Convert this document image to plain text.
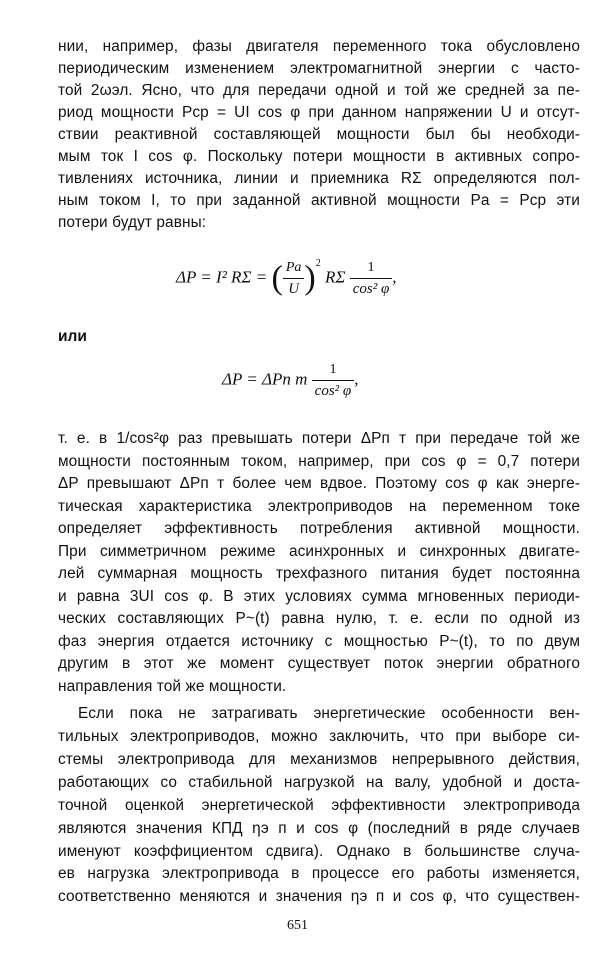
нии, например, фазы двигателя переменного тока обусловлено
периодическим изменением электромагнитной энергии с часто-
той 2ωэл. Ясно, что для передачи одной и той же средней за пе-
риод мощности Pср = UI cos φ при данном напряжении U и отсут-
ствии реактивной составляющей мощности был бы необходи-
мым ток I cos φ. Поскольку потери мощности в активных сопро-
тивлениях источника, линии и приемника RΣ определяются пол-
ным током I, то при заданной активной мощности Pa = Pср эти
потери будут равны:
ΔP = I² RΣ = ( $\frac{Pa}{U} )^2$ RΣ $\frac{1}{\text{cos² φ}}$ ,
или
ΔP = ΔPп т $\frac{1}{\text{cos² φ}}$ ,
т. е. в 1/cos²φ раз превышать потери ΔPп т при передаче той же
мощности постоянным током, например, при cos φ = 0,7 потери
ΔP превышают ΔPп т более чем вдвое. Поэтому cos φ как энерге-
тическая характеристика электроприводов на переменном токе
определяет эффективность потребления активной мощности.
При симметричном режиме асинхронных и синхронных двигате-
лей суммарная мощность трехфазного питания будет постоянна
и равна 3UI cos φ. В этих условиях сумма мгновенных периоди-
ческих составляющих P~(t) равна нулю, т. е. если по одной из
фаз энергия отдается источнику с мощностью P~(t), то по двум
другим в этот же момент существует поток энергии обратного
направления той же мощности.
Если пока не затрагивать энергетические особенности вен-
тильных электроприводов, можно заключить, что при выборе си-
стемы электропривода для механизмов непрерывного действия,
работающих со стабильной нагрузкой на валу, удобной и доста-
точной оценкой энергетической эффективности электропривода
являются значения КПД ηэ п и cos φ (последний в ряде случаев
именуют коэффициентом сдвига). Однако в большинстве случа-
ев нагрузка электропривода в процессе его работы изменяется,
соответственно меняются и значения ηэ п и cos φ, что существен-
651
